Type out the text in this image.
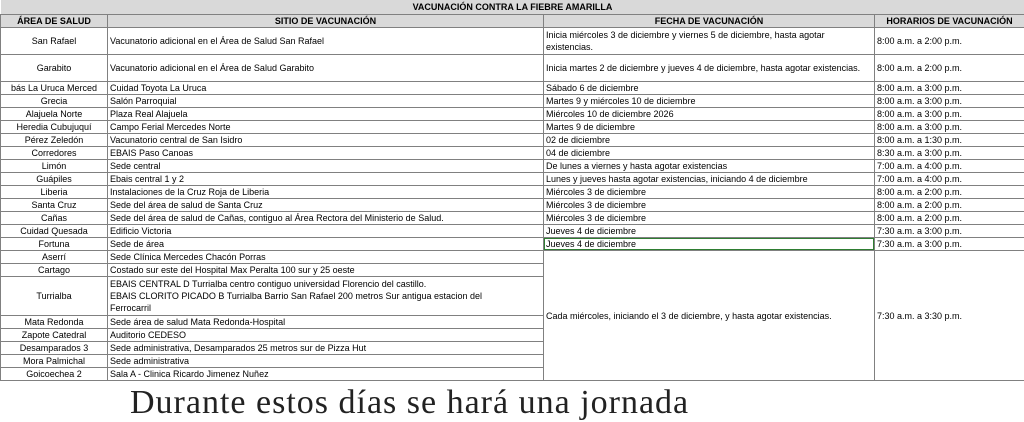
VACUNACIÓN CONTRA LA FIEBRE AMARILLA			
ÁREA DE SALUD	SITIO DE VACUNACIÓN	FECHA DE VACUNACIÓN	HORARIOS DE VACUNACIÓN
San Rafael	Vacunatorio adicional en el Área de Salud San Rafael	Inicia miércoles 3 de diciembre y viernes 5 de diciembre, hasta agotar existencias.	8:00 a.m. a 2:00 p.m.
Garabito	Vacunatorio adicional en el Área de Salud Garabito	Inicia martes 2 de diciembre y jueves 4 de diciembre, hasta agotar existencias.	8:00 a.m. a 2:00 p.m.
bás La Uruca Merced	Cuidad Toyota La Uruca	Sábado 6 de diciembre	8:00 a.m. a 3:00 p.m.
Grecia	Salón Parroquial	Martes 9 y miércoles 10 de diciembre	8:00 a.m. a 3:00 p.m.
Alajuela Norte	Plaza Real Alajuela	Miércoles 10 de diciembre 2026	8:00 a.m. a 3:00 p.m.
Heredia Cubujuquí	Campo Ferial Mercedes Norte	Martes 9 de diciembre	8:00 a.m. a 3:00 p.m.
Pérez Zeledón	Vacunatorio central de San Isidro	02 de diciembre	8:00 a.m. a 1:30 p.m.
Corredores	EBAIS Paso Canoas	04 de diciembre	8:30 a.m. a 3:00 p.m.
Limón	Sede central	De lunes a viernes y hasta agotar existencias	7:00 a.m. a 4:00 p.m.
Guápiles	Ebais central 1 y 2	Lunes y jueves hasta agotar existencias, iniciando 4 de diciembre	7:00 a.m. a 4:00 p.m.
Liberia	Instalaciones de la Cruz Roja de Liberia	Miércoles 3 de diciembre	8:00 a.m. a 2:00 p.m.
Santa Cruz	Sede del área de salud de Santa Cruz	Miércoles 3 de diciembre	8:00 a.m. a 2:00 p.m.
Cañas	Sede del área de salud de Cañas, contiguo al Área Rectora del Ministerio de Salud.	Miércoles 3 de diciembre	8:00 a.m. a 2:00 p.m.
Cuidad Quesada	Edificio Victoria	Jueves 4 de diciembre	7:30 a.m. a 3:00 p.m.
Fortuna	Sede de área	Jueves 4 de diciembre	7:30 a.m. a 3:00 p.m.
Aserrí	Sede Clínica Mercedes Chacón Porras	Cada miércoles, iniciando el 3 de diciembre, y hasta agotar existencias.	7:30 a.m. a 3:30 p.m.
Cartago	Costado sur este del Hospital Max Peralta 100 sur y 25 oeste		
Turrialba	EBAIS CENTRAL D Turrialba centro contiguo universidad Florencio del castillo.
EBAIS CLORITO PICADO B Turrialba Barrio San Rafael 200 metros Sur antigua estacion del
Ferrocarril		

Mata Redonda	Sede área de salud Mata Redonda-Hospital		
Zapote Catedral	Auditorio CEDESO		
Desamparados 3	Sede administrativa, Desamparados 25 metros sur de Pizza Hut		
Mora Palmichal	Sede administrativa		
Goicoechea 2	Sala A - Clinica Ricardo Jimenez Nuñez		
Durante estos días se hará una jornada
